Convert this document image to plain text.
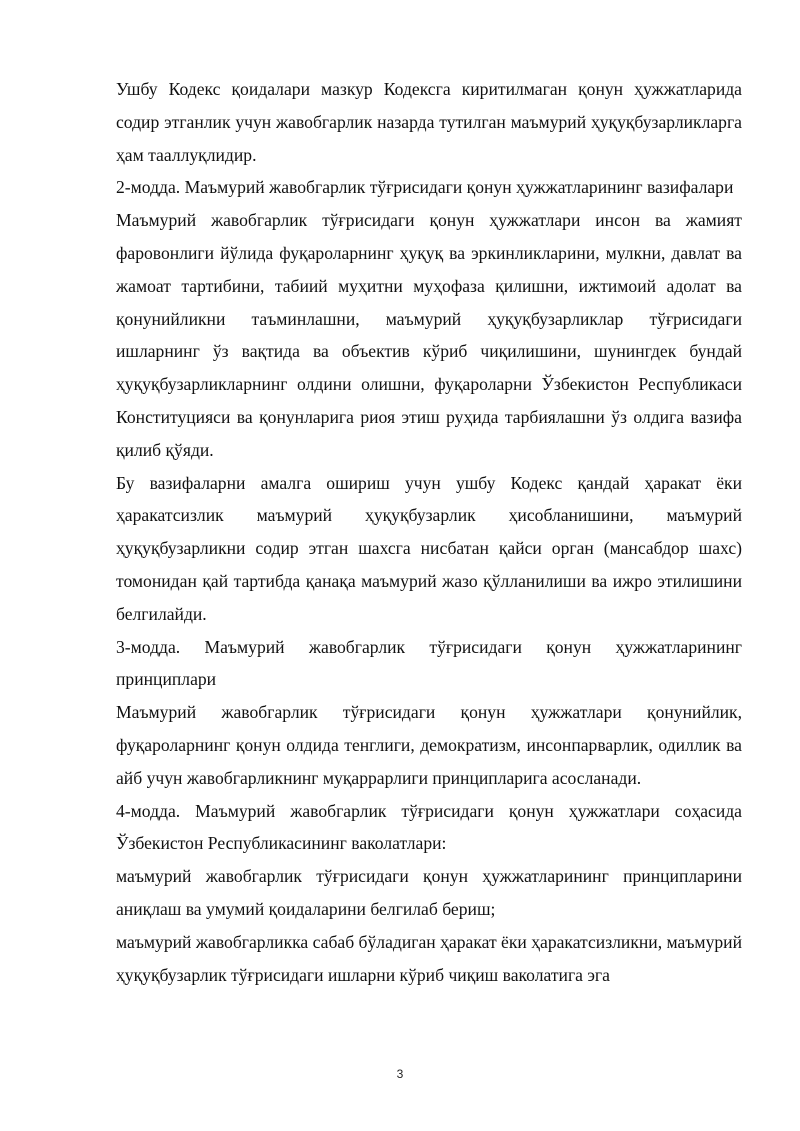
Ушбу Кодекс қоидалари мазкур Кодексга киритилмаган қонун ҳужжатларида содир этганлик учун жавобгарлик назарда тутилган маъмурий ҳуқуқбузарликларга ҳам тааллуқлидир.

2-модда. Маъмурий жавобгарлик тўғрисидаги қонун ҳужжатларининг вазифалари

Маъмурий жавобгарлик тўғрисидаги қонун ҳужжатлари инсон ва жамият фаровонлиги йўлида фуқароларнинг ҳуқуқ ва эркинликларини, мулкни, давлат ва жамоат тартибини, табиий муҳитни муҳофаза қилишни, ижтимоий адолат ва қонунийликни таъминлашни, маъмурий ҳуқуқбузарликлар тўғрисидаги ишларнинг ўз вақтида ва объектив кўриб чиқилишини, шунингдек бундай ҳуқуқбузарликларнинг олдини олишни, фуқароларни Ўзбекистон Республикаси Конституцияси ва қонунларига риоя этиш руҳида тарбиялашни ўз олдига вазифа қилиб қўяди.

Бу вазифаларни амалга ошириш учун ушбу Кодекс қандай ҳаракат ёки ҳаракатсизлик маъмурий ҳуқуқбузарлик ҳисобланишини, маъмурий ҳуқуқбузарликни содир этган шахсга нисбатан қайси орган (мансабдор шахс) томонидан қай тартибда қанақа маъмурий жазо қўлланилиши ва ижро этилишини белгилайди.

3-модда. Маъмурий жавобгарлик тўғрисидаги қонун ҳужжатларининг принциплари

Маъмурий жавобгарлик тўғрисидаги қонун ҳужжатлари қонунийлик, фуқароларнинг қонун олдида тенглиги, демократизм, инсонпарварлик, одиллик ва айб учун жавобгарликнинг муқаррарлиги принципларига асосланади.

4-модда. Маъмурий жавобгарлик тўғрисидаги қонун ҳужжатлари соҳасида Ўзбекистон Республикасининг ваколатлари:

маъмурий жавобгарлик тўғрисидаги қонун ҳужжатларининг принципларини аниқлаш ва умумий қоидаларини белгилаб бериш;

маъмурий жавобгарликка сабаб бўладиган ҳаракат ёки ҳаракатсизликни, маъмурий ҳуқуқбузарлик тўғрисидаги ишларни кўриб чиқиш ваколатига эга

3
